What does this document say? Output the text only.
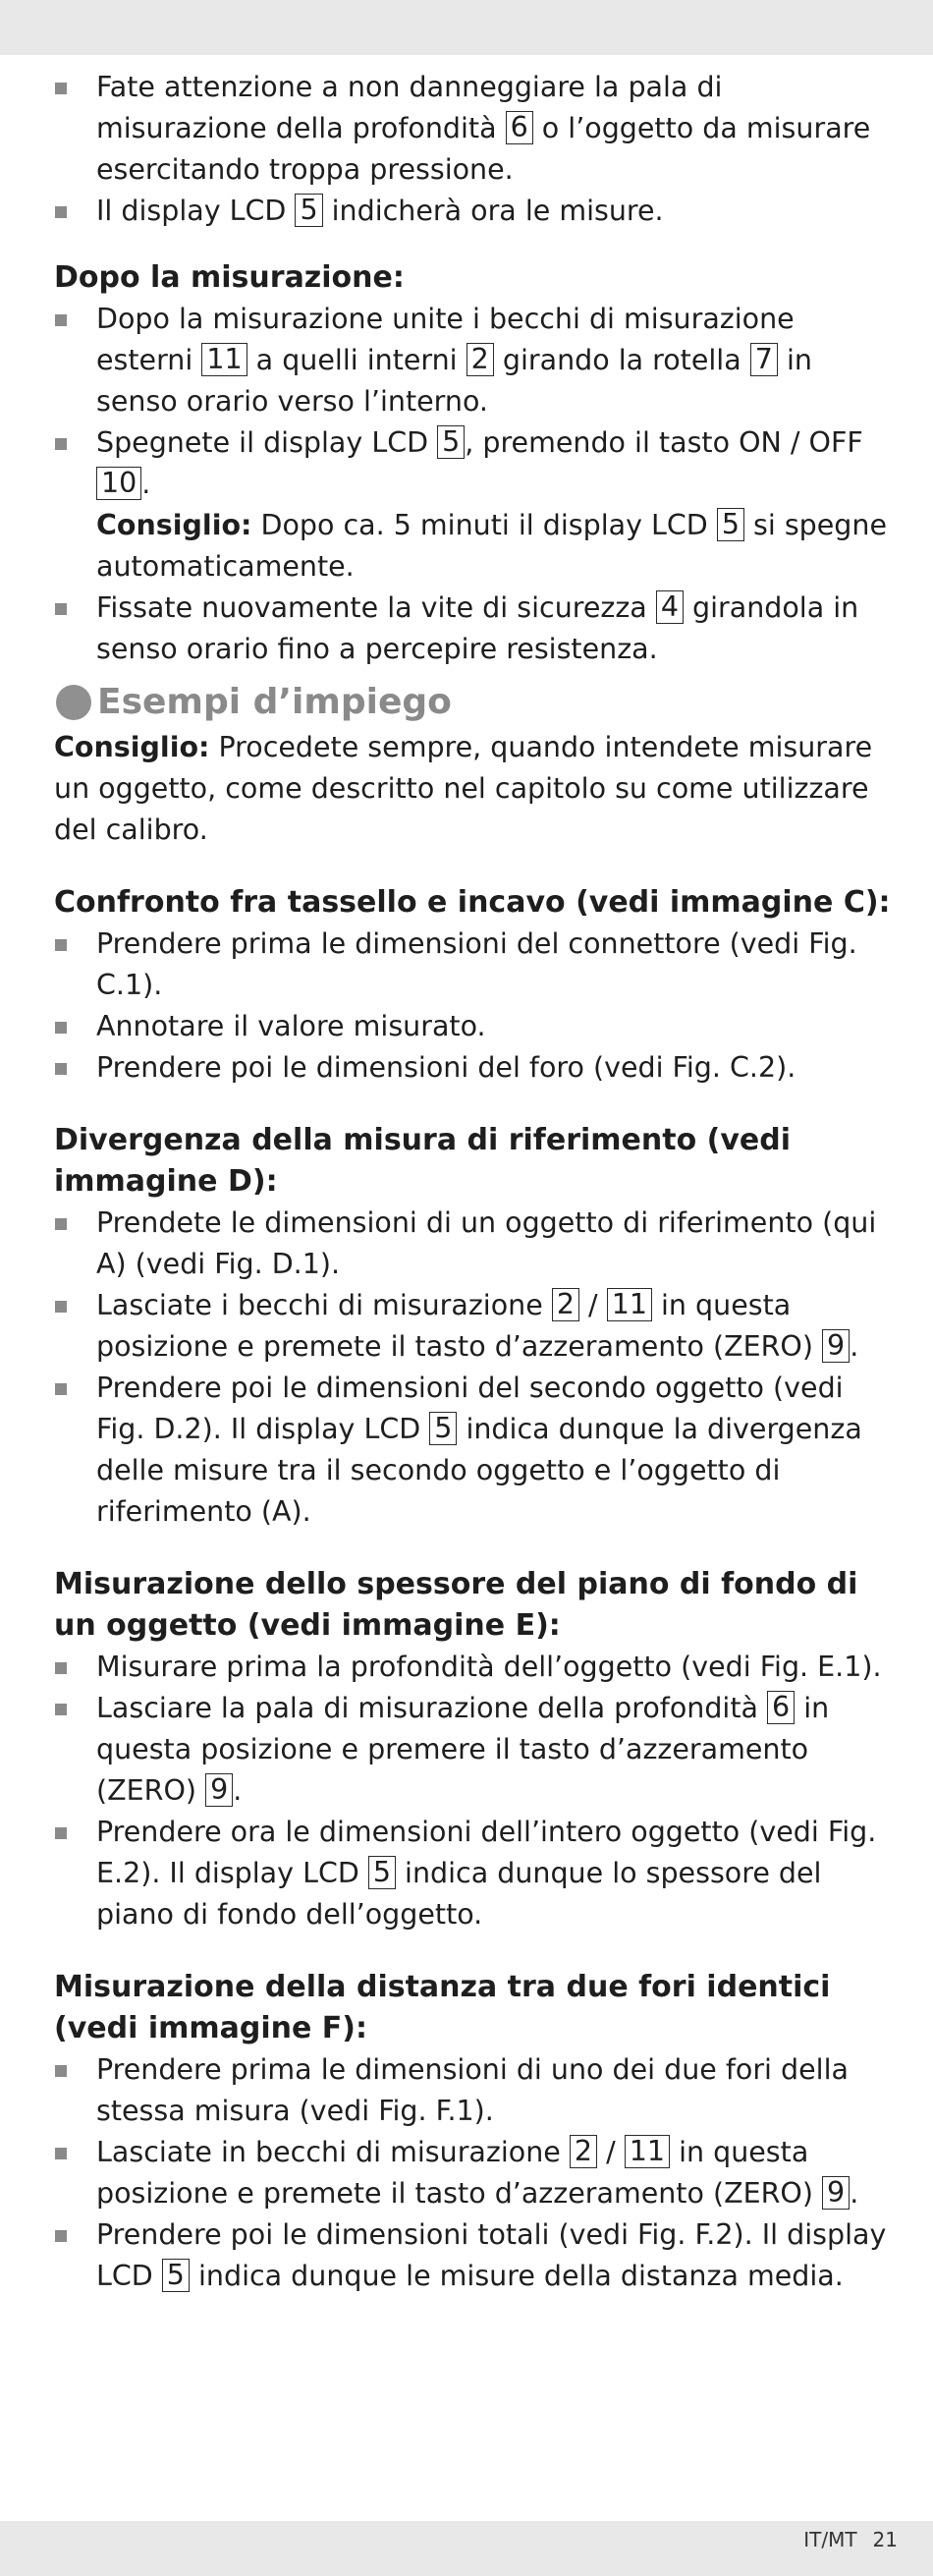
Fate attenzione a non danneggiare la pala di misurazione della profondità 6 o l’oggetto da misurare esercitando troppa pressione.
Il display LCD 5 indicherà ora le misure.
Dopo la misurazione:
Dopo la misurazione unite i becchi di misurazione esterni 11 a quelli interni 2 girando la rotella 7 in senso orario verso l’interno.
Spegnete il display LCD 5 , premendo il tasto ON / OFF 10 .
Consiglio: Dopo ca. 5 minuti il display LCD 5 si spegne automaticamente.
Fissate nuovamente la vite di sicurezza 4 girandola in senso orario fino a percepire resistenza.
Esempi d’impiego
Consiglio: Procedete sempre, quando intendete misurare un oggetto, come descritto nel capitolo su come utilizzare del calibro.
Confronto fra tassello e incavo (vedi immagine C):
Prendere prima le dimensioni del connettore (vedi Fig. C.1).
Annotare il valore misurato.
Prendere poi le dimensioni del foro (vedi Fig. C.2).
Divergenza della misura di riferimento (vedi immagine D):
Prendete le dimensioni di un oggetto di riferimento (qui A) (vedi Fig. D.1).
Lasciate i becchi di misurazione 2 / 11 in questa posizione e premete il tasto d’azzeramento (ZERO) 9 .
Prendere poi le dimensioni del secondo oggetto (vedi Fig. D.2). Il display LCD 5 indica dunque la divergenza delle misure tra il secondo oggetto e l’oggetto di riferimento (A).
Misurazione dello spessore del piano di fondo di un oggetto (vedi immagine E):
Misurare prima la profondità dell’oggetto (vedi Fig. E.1).
Lasciare la pala di misurazione della profondità 6 in questa posizione e premere il tasto d’azzeramento (ZERO) 9 .
Prendere ora le dimensioni dell’intero oggetto (vedi Fig. E.2). Il display LCD 5 indica dunque lo spessore del piano di fondo dell’oggetto.
Misurazione della distanza tra due fori identici (vedi immagine F):
Prendere prima le dimensioni di uno dei due fori della stessa misura (vedi Fig. F.1).
Lasciate in becchi di misurazione 2 / 11 in questa posizione e premete il tasto d’azzeramento (ZERO) 9 .
Prendere poi le dimensioni totali (vedi Fig. F.2). Il display LCD 5 indica dunque le misure della distanza media.
IT/MT 21
